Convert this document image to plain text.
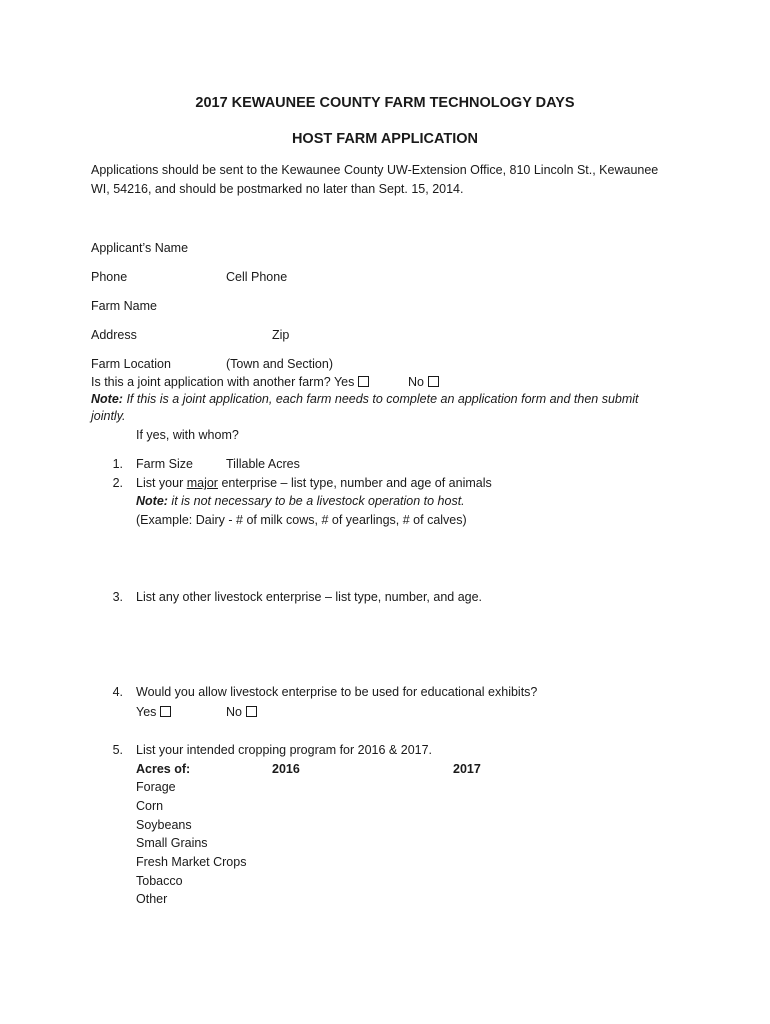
2017 KEWAUNEE COUNTY FARM TECHNOLOGY DAYS
HOST FARM APPLICATION
Applications should be sent to the Kewaunee County UW-Extension Office, 810 Lincoln St., Kewaunee WI, 54216, and should be postmarked no later than Sept. 15, 2014.
Applicant’s Name
Phone	Cell Phone
Farm Name
Address	Zip
Farm Location	(Town and Section)
Is this a joint application with another farm? Yes	No
Note: If this is a joint application, each farm needs to complete an application form and then submit jointly.
If yes, with whom?
1. Farm Size	Tillable Acres
2. List your major enterprise – list type, number and age of animals
Note: it is not necessary to be a livestock operation to host.
(Example: Dairy - # of milk cows, # of yearlings, # of calves)
3. List any other livestock enterprise – list type, number, and age.
4. Would you allow livestock enterprise to be used for educational exhibits?
Yes	No
5. List your intended cropping program for 2016 & 2017.
Acres of:	2016	2017
Forage
Corn
Soybeans
Small Grains
Fresh Market Crops
Tobacco
Other
